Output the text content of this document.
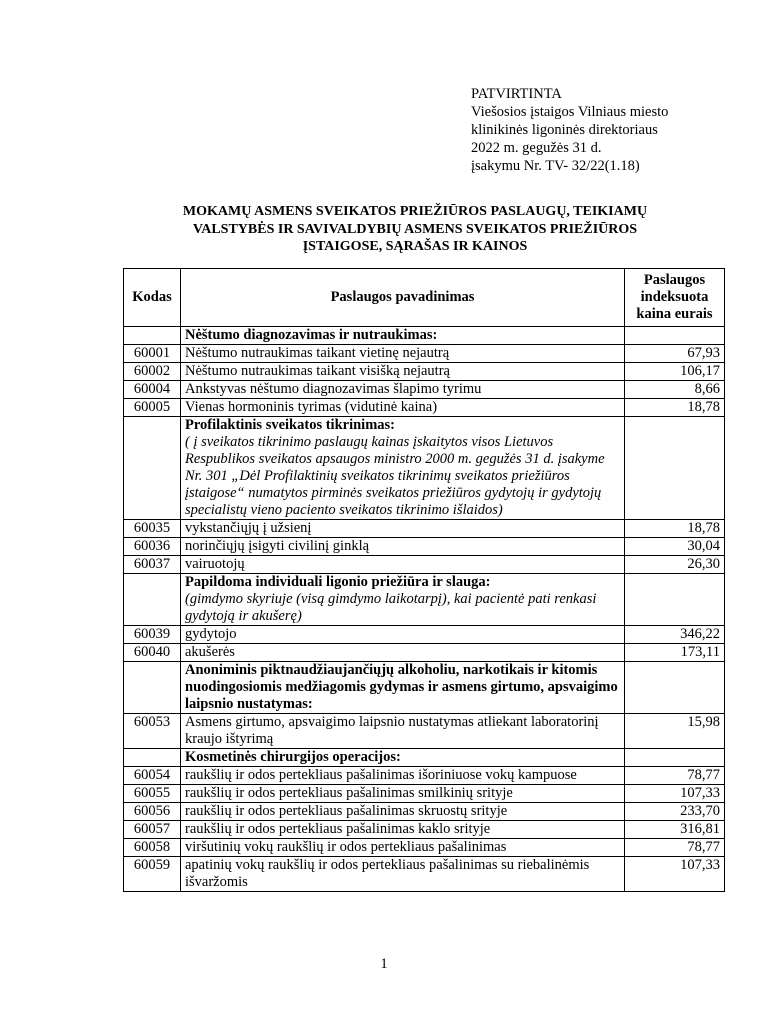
PATVIRTINTA
Viešosios įstaigos Vilniaus miesto
klinikinės ligoninės direktoriaus
2022 m. gegužės 31 d.
įsakymu Nr. TV- 32/22(1.18)
MOKAMŲ ASMENS SVEIKATOS PRIEŽIŪROS PASLAUGŲ, TEIKIAMŲ
VALSTYBĖS IR SAVIVALDYBIŲ ASMENS SVEIKATOS PRIEŽIŪROS
ĮSTAIGOSE, SĄRAŠAS IR KAINOS
Kodas	Paslaugos pavadinimas	Paslaugos indeksuota kaina eurais

	Nėštumo diagnozavimas ir nutraukimas:	

60001	Nėštumo nutraukimas taikant vietinę nejautrą	67,93
60002	Nėštumo nutraukimas taikant visišką nejautrą	106,17
60004	Ankstyvas nėštumo diagnozavimas šlapimo tyrimu	8,66
60005	Vienas hormoninis tyrimas (vidutinė kaina)	18,78

	Profilaktinis sveikatos tikrinimas:
( į sveikatos tikrinimo paslaugų kainas įskaitytos visos Lietuvos Respublikos sveikatos apsaugos ministro 2000 m. gegužės 31 d. įsakyme Nr. 301 „Dėl Profilaktinių sveikatos tikrinimų sveikatos priežiūros įstaigose“ numatytos pirminės sveikatos priežiūros gydytojų ir gydytojų specialistų vieno paciento sveikatos tikrinimo išlaidos)	

60035	vykstančiųjų į užsienį	18,78
60036	norinčiųjų įsigyti civilinį ginklą	30,04
60037	vairuotojų	26,30

	Papildoma individuali ligonio priežiūra ir slauga:
(gimdymo skyriuje (visą gimdymo laikotarpį), kai pacientė pati renkasi gydytoją ir akušerę)	

60039	gydytojo	346,22
60040	akušerės	173,11

	Anoniminis piktnaudžiaujančiųjų alkoholiu, narkotikais ir kitomis nuodingosiomis medžiagomis gydymas ir asmens girtumo, apsvaigimo laipsnio nustatymas:	

60053	Asmens girtumo, apsvaigimo laipsnio nustatymas atliekant laboratorinį kraujo ištyrimą	15,98

	Kosmetinės chirurgijos operacijos:	

60054	raukšlių ir odos pertekliaus pašalinimas išoriniuose vokų kampuose	78,77
60055	raukšlių ir odos pertekliaus pašalinimas smilkinių srityje	107,33
60056	raukšlių ir odos pertekliaus pašalinimas skruostų srityje	233,70
60057	raukšlių ir odos pertekliaus pašalinimas kaklo srityje	316,81
60058	viršutinių vokų raukšlių ir odos pertekliaus pašalinimas	78,77
60059	apatinių vokų raukšlių ir odos pertekliaus pašalinimas su riebalinėmis išvaržomis	107,33
1
